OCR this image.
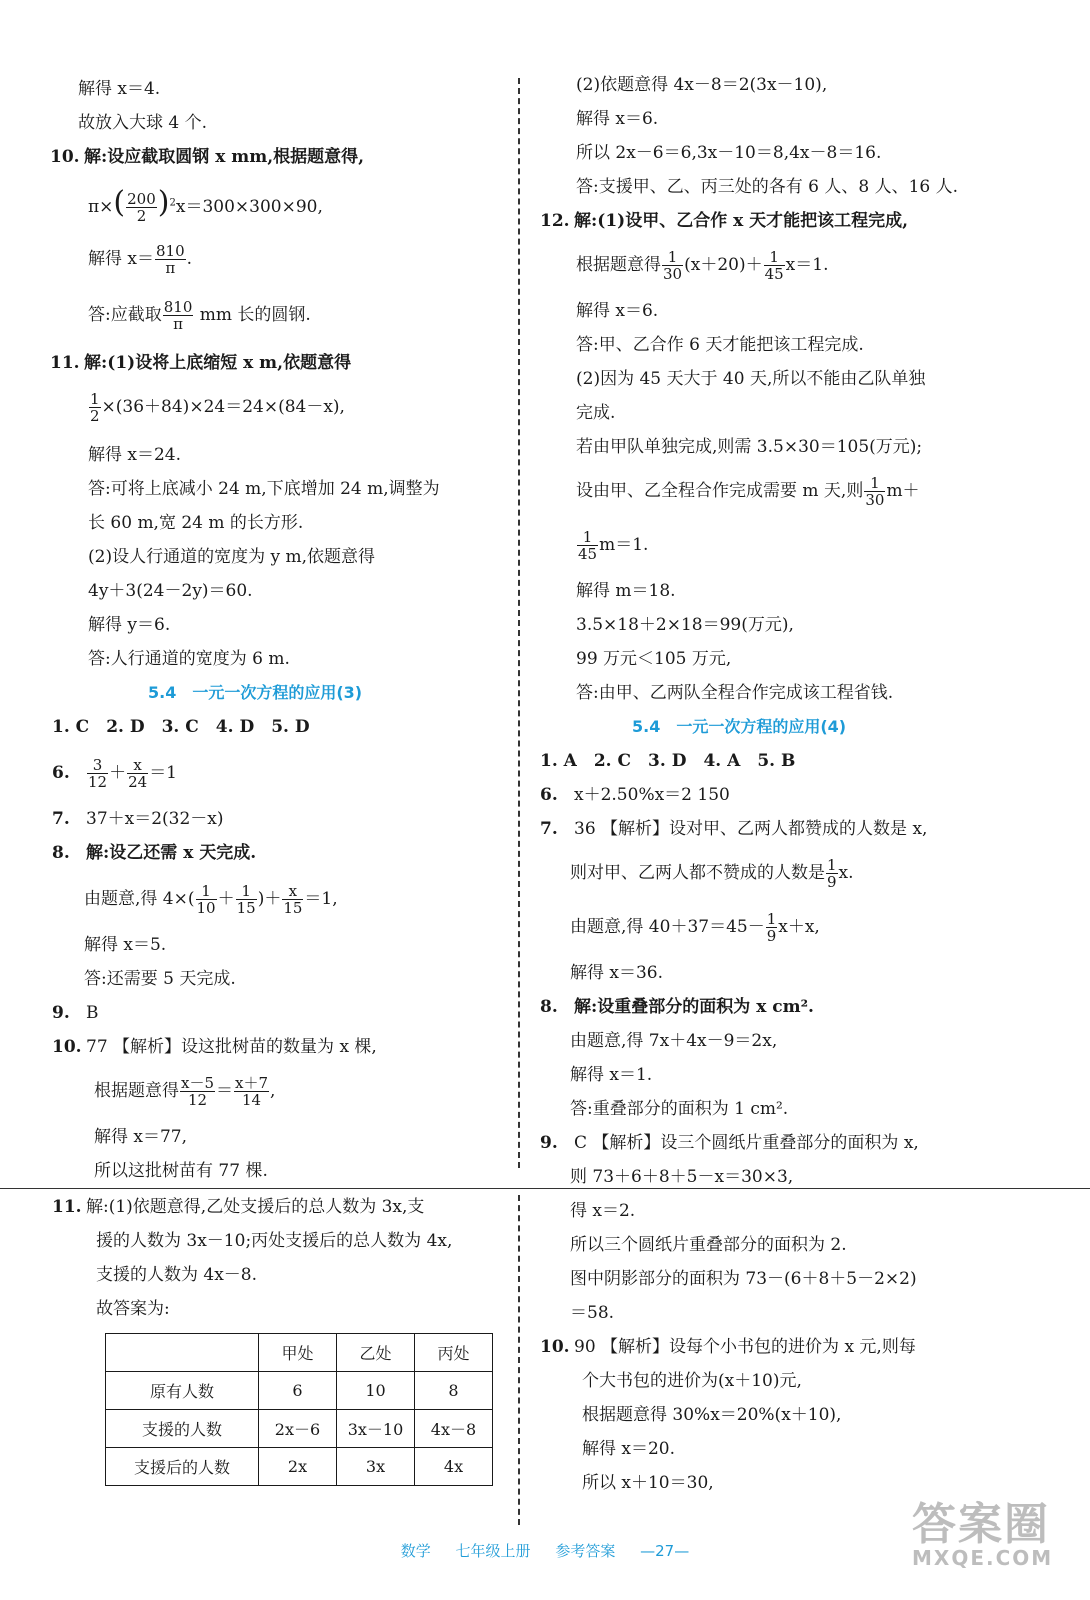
解得 x＝4.
故放入大球 4 个.
10. 解:设应截取圆钢 x mm,根据题意得,
$\pi\times( \frac{200}{2} )^2x=300\times 300\times 90$,
解得 $x= \frac{810}{\pi}$ .
答:应截取 $\frac{810}{\pi}$ mm 长的圆钢.
11. 解:(1)设将上底缩短 x m,依题意得
$\frac{1}{2} \times(36+84)\times 24=24\times(84-x)$,
解得 x＝24.
答:可将上底减小 24 m,下底增加 24 m,调整为
长 60 m,宽 24 m 的长方形.
(2)设人行通道的宽度为 y m,依题意得
4y＋3(24－2y)＝60.
解得 y＝6.
答:人行通道的宽度为 6 m.
5.4　一元一次方程的应用(3)
1. C　2. D　3. C　4. D　5. D
6. $\frac{3}{12} + \frac{x}{24} =1$
7. 37＋x＝2(32－x)
8. 解:设乙还需 x 天完成.
由题意,得 $4\times( \frac{1}{10} + \frac{1}{15}$ )＋ $\frac{x}{15} =1$,
解得 x＝5.
答:还需要 5 天完成.
9. B
10. 77 【解析】设这批树苗的数量为 x 棵,
根据题意得 $\frac{x-5}{12} = \frac{x+7}{14}$ ,
解得 x＝77,
所以这批树苗有 77 棵.
11. 解:(1)依题意得,乙处支援后的总人数为 3x,支
援的人数为 3x－10;丙处支援后的总人数为 4x,
支援的人数为 4x－8.
故答案为:
	甲处	乙处	丙处
原有人数	6	10	8
支援的人数	2x－6	3x－10	4x－8
支援后的人数	2x	3x	4x
(2)依题意得 4x－8＝2(3x－10),
解得 x＝6.
所以 2x－6＝6,3x－10＝8,4x－8＝16.
答:支援甲、乙、丙三处的各有 6 人、8 人、16 人.
12. 解:(1)设甲、乙合作 x 天才能把该工程完成,
根据题意得 $\frac{1}{30} (x+20)+ \frac{1}{45} x=1$.
解得 x＝6.
答:甲、乙合作 6 天才能把该工程完成.
(2)因为 45 天大于 40 天,所以不能由乙队单独
完成.
若由甲队单独完成,则需 3.5×30＝105(万元);
设由甲、乙全程合作完成需要 m 天,则 $\frac{1}{30} m+$
$\frac{1}{45} m=1$.
解得 m＝18.
3.5×18＋2×18＝99(万元),
99 万元＜105 万元,
答:由甲、乙两队全程合作完成该工程省钱.
5.4　一元一次方程的应用(4)
1. A　2. C　3. D　4. A　5. B
6. x＋2.50%x＝2 150
7. 36 【解析】设对甲、乙两人都赞成的人数是 x,
则对甲、乙两人都不赞成的人数是 $\frac{1}{9} x$.
由题意,得 $40+37=45- \frac{1}{9} x+x$,
解得 x＝36.
8. 解:设重叠部分的面积为 x cm².
由题意,得 7x＋4x－9＝2x,
解得 x＝1.
答:重叠部分的面积为 1 cm².
9. C 【解析】设三个圆纸片重叠部分的面积为 x,
则 73＋6＋8＋5－x＝30×3,
得 x＝2.
所以三个圆纸片重叠部分的面积为 2.
图中阴影部分的面积为 73－(6＋8＋5－2×2)
＝58.
10. 90 【解析】设每个小书包的进价为 x 元,则每
个大书包的进价为(x＋10)元,
根据题意得 30%x＝20%(x＋10),
解得 x＝20.
所以 x＋10＝30,
数学 七年级上册 参考答案 —27—
答案圈
MXQE.COM
